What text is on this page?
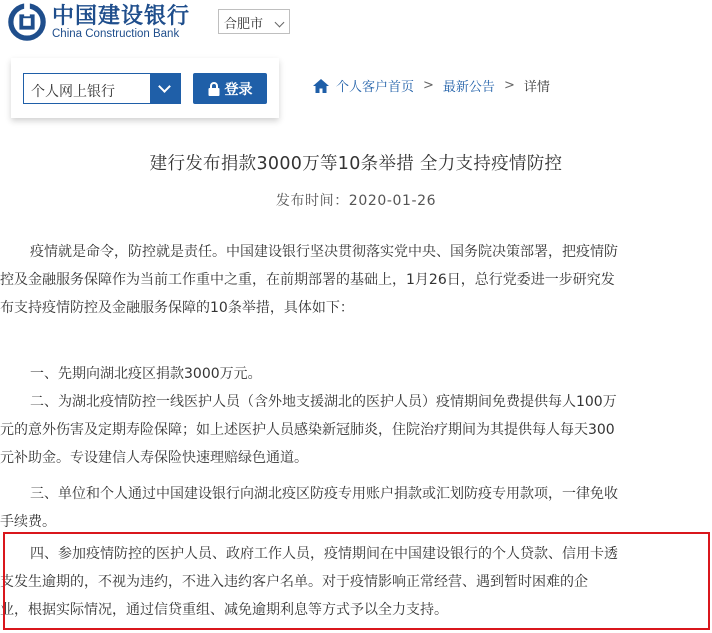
中国建设银行
China Construction Bank
合肥市
个人网上银行	登录	个人客户首页 > 最新公告 > 详情
建行发布捐款3000万等10条举措 全力支持疫情防控
发布时间：2020-01-26
疫情就是命令，防控就是责任。中国建设银行坚决贯彻落实党中央、国务院决策部署，把疫情防
控及金融服务保障作为当前工作重中之重，在前期部署的基础上，1月26日，总行党委进一步研究发
布支持疫情防控及金融服务保障的10条举措，具体如下：
一、先期向湖北疫区捐款3000万元。
二、为湖北疫情防控一线医护人员（含外地支援湖北的医护人员）疫情期间免费提供每人100万
元的意外伤害及定期寿险保障；如上述医护人员感染新冠肺炎，住院治疗期间为其提供每人每天300
元补助金。专设建信人寿保险快速理赔绿色通道。
三、单位和个人通过中国建设银行向湖北疫区防疫专用账户捐款或汇划防疫专用款项，一律免收
手续费。
四、参加疫情防控的医护人员、政府工作人员，疫情期间在中国建设银行的个人贷款、信用卡透
支发生逾期的，不视为违约，不进入违约客户名单。对于疫情影响正常经营、遇到暂时困难的企
业，根据实际情况，通过信贷重组、减免逾期利息等方式予以全力支持。
